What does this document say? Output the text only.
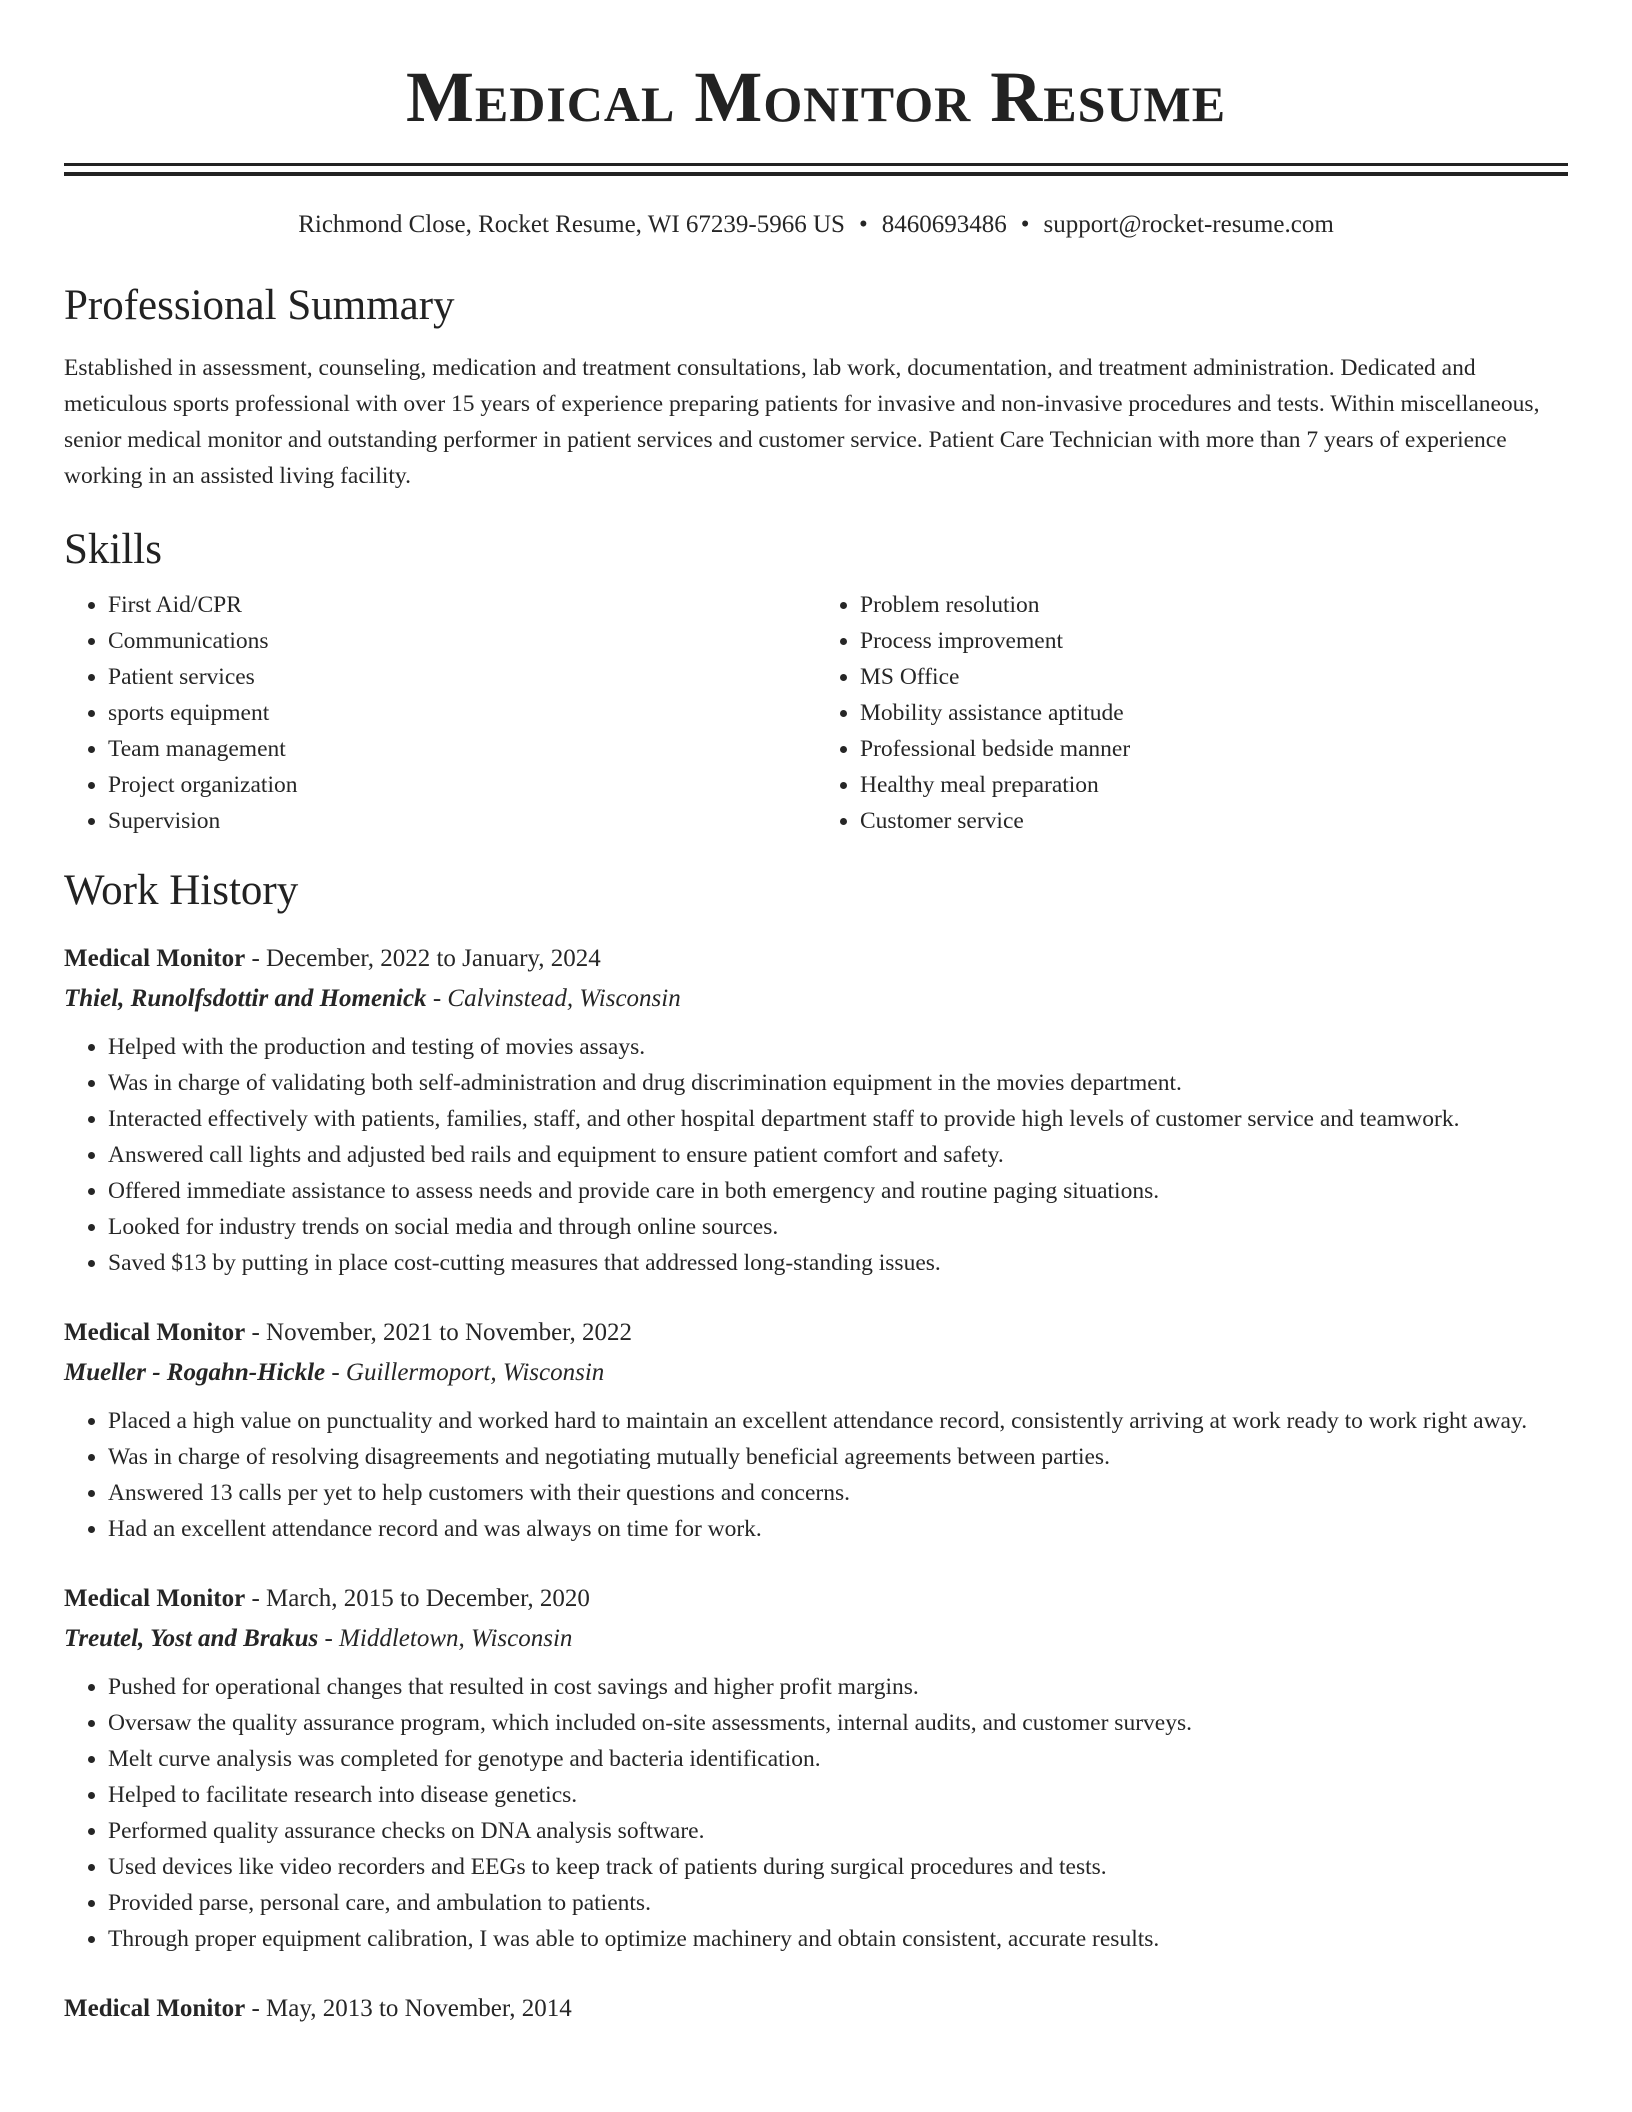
Medical Monitor Resume
Richmond Close, Rocket Resume, WI 67239-5966 US • 8460693486 • support@rocket-resume.com
Professional Summary

Established in assessment, counseling, medication and treatment consultations, lab work, documentation, and treatment administration. Dedicated and meticulous sports professional with over 15 years of experience preparing patients for invasive and non-invasive procedures and tests. Within miscellaneous, senior medical monitor and outstanding performer in patient services and customer service. Patient Care Technician with more than 7 years of experience working in an assisted living facility.

Skills
• First Aid/CPR
• Communications
• Patient services
• sports equipment
• Team management
• Project organization
• Supervision
• Problem resolution
• Process improvement
• MS Office
• Mobility assistance aptitude
• Professional bedside manner
• Healthy meal preparation
• Customer service
Work History
Medical Monitor - December, 2022 to January, 2024
Thiel, Runolfsdottir and Homenick - Calvinstead, Wisconsin
• Helped with the production and testing of movies assays.
• Was in charge of validating both self-administration and drug discrimination equipment in the movies department.
• Interacted effectively with patients, families, staff, and other hospital department staff to provide high levels of customer service and teamwork.
• Answered call lights and adjusted bed rails and equipment to ensure patient comfort and safety.
• Offered immediate assistance to assess needs and provide care in both emergency and routine paging situations.
• Looked for industry trends on social media and through online sources.
• Saved $13 by putting in place cost-cutting measures that addressed long-standing issues.
Medical Monitor - November, 2021 to November, 2022
Mueller - Rogahn-Hickle - Guillermoport, Wisconsin
• Placed a high value on punctuality and worked hard to maintain an excellent attendance record, consistently arriving at work ready to work right away.
• Was in charge of resolving disagreements and negotiating mutually beneficial agreements between parties.
• Answered 13 calls per yet to help customers with their questions and concerns.
• Had an excellent attendance record and was always on time for work.
Medical Monitor - March, 2015 to December, 2020
Treutel, Yost and Brakus - Middletown, Wisconsin
• Pushed for operational changes that resulted in cost savings and higher profit margins.
• Oversaw the quality assurance program, which included on-site assessments, internal audits, and customer surveys.
• Melt curve analysis was completed for genotype and bacteria identification.
• Helped to facilitate research into disease genetics.
• Performed quality assurance checks on DNA analysis software.
• Used devices like video recorders and EEGs to keep track of patients during surgical procedures and tests.
• Provided parse, personal care, and ambulation to patients.
• Through proper equipment calibration, I was able to optimize machinery and obtain consistent, accurate results.
Medical Monitor - May, 2013 to November, 2014
